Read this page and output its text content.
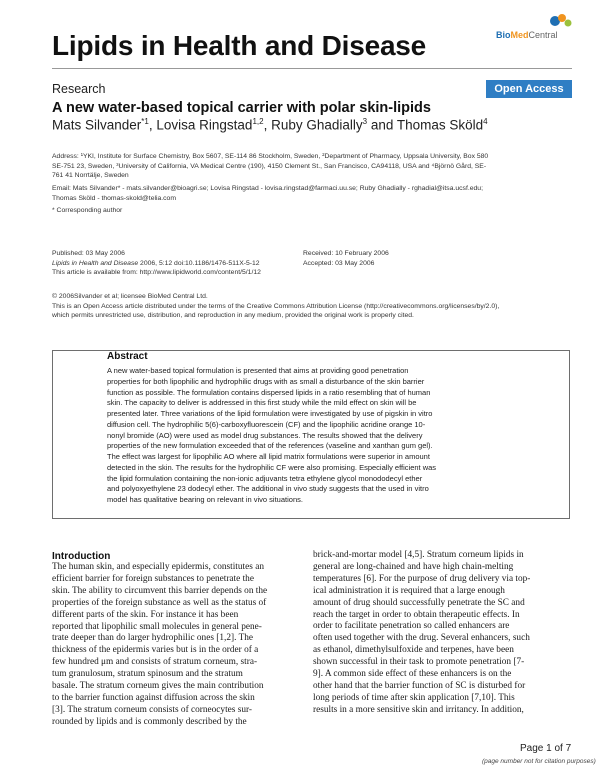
Lipids in Health and Disease	BioMedCentral
Research	Open Access
A new water-based topical carrier with polar skin-lipids
Mats Silvander$^{*1}$, Lovisa Ringstad$^{1,2}$, Ruby Ghadially$^3$ and Thomas Sköld$^4$
Address: ¹YKI, Institute for Surface Chemistry, Box 5607, SE-114 86 Stockholm, Sweden, ²Department of Pharmacy, Uppsala University, Box 580
SE-751 23, Sweden, ³University of California, VA Medical Centre (190), 4150 Clement St., San Francisco, CA94118, USA and ⁴Björnö Gård, SE-
761 41 Norrtälje, Sweden
Email: Mats Silvander* - mats.silvander@bioagri.se; Lovisa Ringstad - lovisa.ringstad@farmaci.uu.se; Ruby Ghadially - rghadial@itsa.ucsf.edu;
Thomas Sköld - thomas-skold@telia.com
* Corresponding author
Published: 03 May 2006
Lipids in Health and Disease 2006, 5:12 doi:10.1186/1476-511X-5-12
This article is available from: http://www.lipidworld.com/content/5/1/12
Received: 10 February 2006
Accepted: 03 May 2006
© 2006Silvander et al; licensee BioMed Central Ltd.
This is an Open Access article distributed under the terms of the Creative Commons Attribution License (http://creativecommons.org/licenses/by/2.0),
which permits unrestricted use, distribution, and reproduction in any medium, provided the original work is properly cited.
Abstract
A new water-based topical formulation is presented that aims at providing good penetration
properties for both lipophilic and hydrophilic drugs with as small a disturbance of the skin barrier
function as possible. The formulation contains dispersed lipids in a ratio resembling that of human
skin. The capacity to deliver is addressed in this first study while the mild effect on skin will be
presented later. Three variations of the lipid formulation were investigated by use of pigskin in vitro
diffusion cell. The hydrophilic 5(6)-carboxyfluorescein (CF) and the lipophilic acridine orange 10-
nonyl bromide (AO) were used as model drug substances. The results showed that the delivery
properties of the new formulation exceeded that of the references (vaseline and xanthan gum gel).
The effect was largest for lipophilic AO where all lipid matrix formulations were superior in amount
detected in the skin. The results for the hydrophilic CF were also promising. Especially efficient was
the lipid formulation containing the non-ionic adjuvants tetra ethylene glycol monododecyl ether
and polyoxyethylene 23 dodecyl ether. The additional in vivo study suggests that the used in vitro
model has qualitative bearing on relevant in vivo situations.
Introduction
The human skin, and especially epidermis, constitutes an
efficient barrier for foreign substances to penetrate the
skin. The ability to circumvent this barrier depends on the
properties of the foreign substance as well as the status of
different parts of the skin. For instance it has been
reported that lipophilic small molecules in general pene-
trate deeper than do larger hydrophilic ones [1,2]. The
thickness of the epidermis varies but is in the order of a
few hundred μm and consists of stratum corneum, stra-
tum granulosum, stratum spinosum and the stratum
basale. The stratum corneum gives the main contribution
to the barrier function against diffusion across the skin
[3]. The stratum corneum consists of corneocytes sur-
rounded by lipids and is commonly described by the
brick-and-mortar model [4,5]. Stratum corneum lipids in
general are long-chained and have high chain-melting
temperatures [6]. For the purpose of drug delivery via top-
ical administration it is required that a large enough
amount of drug should successfully penetrate the SC and
reach the target in order to obtain therapeutic effects. In
order to facilitate penetration so called enhancers are
often used together with the drug. Several enhancers, such
as ethanol, dimethylsulfoxide and terpenes, have been
shown successful in their task to promote penetration [7-
9]. A common side effect of these enhancers is on the
other hand that the barrier function of SC is disturbed for
long periods of time after skin application [7,10]. This
results in a more sensitive skin and irritancy. In addition,
Page 1 of 7
(page number not for citation purposes)
